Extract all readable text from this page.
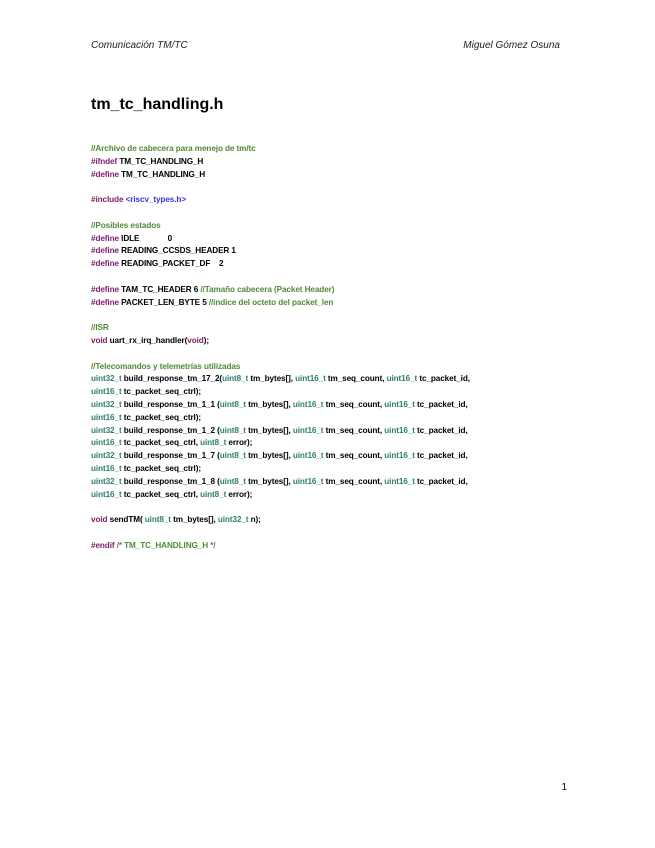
Comunicación TM/TC	Miguel Gómez Osuna
tm_tc_handling.h
//Archivo de cabecera para menejo de tm/tc
#ifndef TM_TC_HANDLING_H
#define TM_TC_HANDLING_H
#include <riscv_types.h>
//Posibles estados
#define IDLE             0
#define READING_CCSDS_HEADER 1
#define READING_PACKET_DF    2
#define TAM_TC_HEADER 6 //Tamaño cabecera (Packet Header)
#define PACKET_LEN_BYTE 5 //índice del octeto del packet_len
//ISR
void uart_rx_irq_handler(void);
//Telecomandos y telemetrías utilizadas
uint32_t build_response_tm_17_2(uint8_t tm_bytes[], uint16_t tm_seq_count, uint16_t tc_packet_id,
uint16_t tc_packet_seq_ctrl);
uint32_t build_response_tm_1_1 (uint8_t tm_bytes[], uint16_t tm_seq_count, uint16_t tc_packet_id,
uint16_t tc_packet_seq_ctrl);
uint32_t build_response_tm_1_2 (uint8_t tm_bytes[], uint16_t tm_seq_count, uint16_t tc_packet_id,
uint16_t tc_packet_seq_ctrl, uint8_t error);
uint32_t build_response_tm_1_7 (uint8_t tm_bytes[], uint16_t tm_seq_count, uint16_t tc_packet_id,
uint16_t tc_packet_seq_ctrl);
uint32_t build_response_tm_1_8 (uint8_t tm_bytes[], uint16_t tm_seq_count, uint16_t tc_packet_id,
uint16_t tc_packet_seq_ctrl, uint8_t error);
void sendTM( uint8_t tm_bytes[], uint32_t n);
#endif /* TM_TC_HANDLING_H */
1
